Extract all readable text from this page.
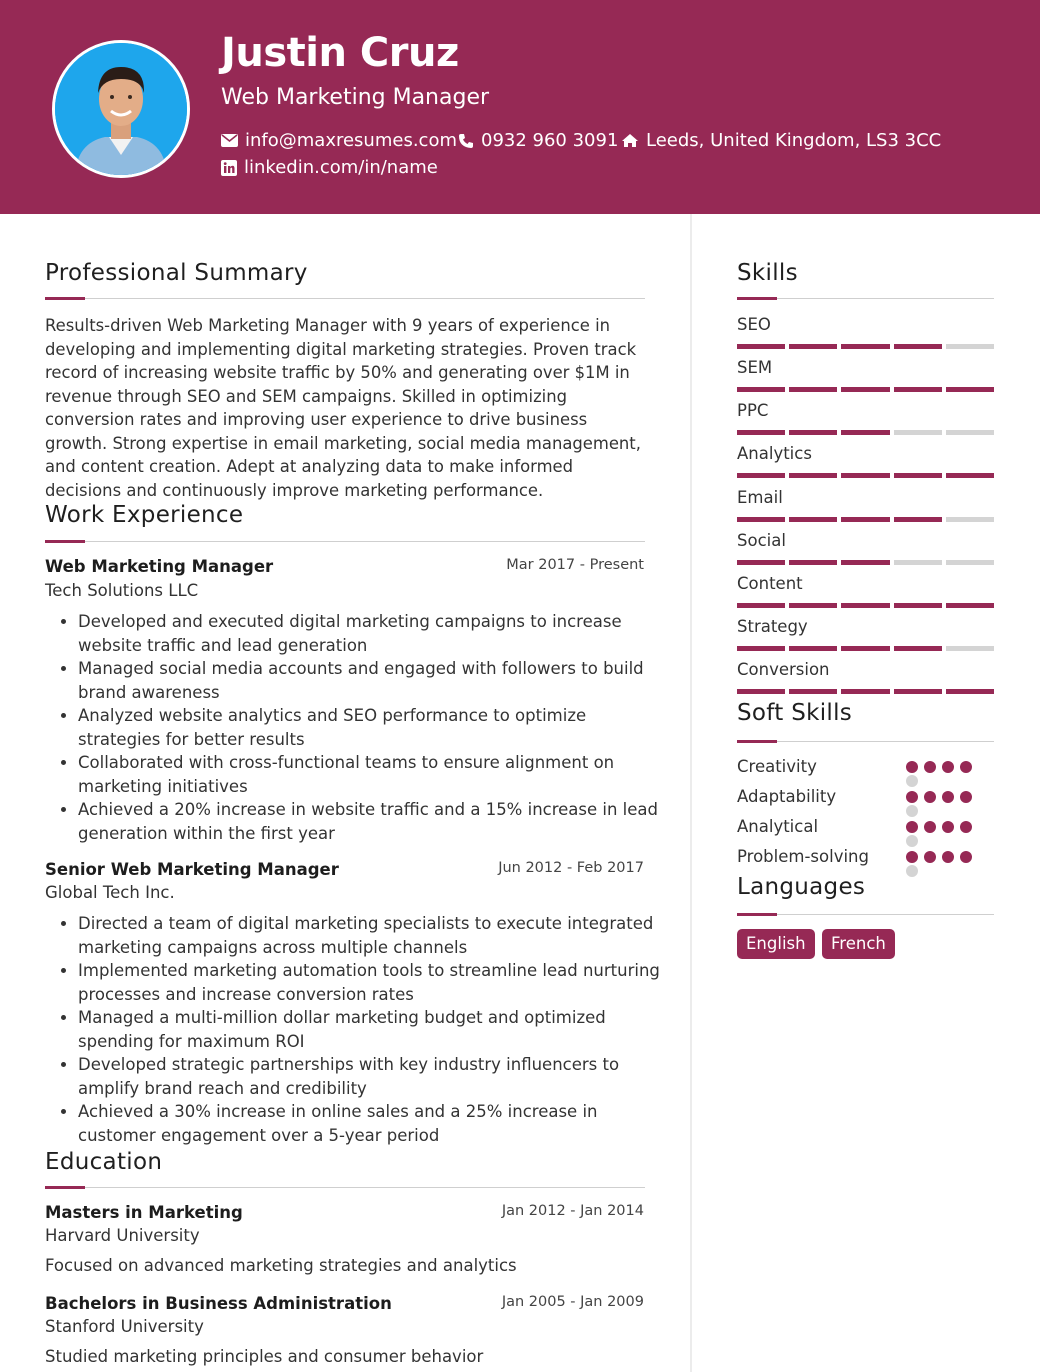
Justin Cruz
Web Marketing Manager
info@maxresumes.com 0932 960 3091 Leeds, United Kingdom, LS3 3CC
linkedin.com/in/name
Professional Summary
Results-driven Web Marketing Manager with 9 years of experience in developing and implementing digital marketing strategies. Proven track record of increasing website traffic by 50% and generating over $1M in revenue through SEO and SEM campaigns. Skilled in optimizing conversion rates and improving user experience to drive business growth. Strong expertise in email marketing, social media management, and content creation. Adept at analyzing data to make informed decisions and continuously improve marketing performance.
Work Experience
Web Marketing Manager	Mar 2017 - Present
Tech Solutions LLC
• Developed and executed digital marketing campaigns to increase website traffic and lead generation
• Managed social media accounts and engaged with followers to build brand awareness
• Analyzed website analytics and SEO performance to optimize strategies for better results
• Collaborated with cross-functional teams to ensure alignment on marketing initiatives
• Achieved a 20% increase in website traffic and a 15% increase in lead generation within the first year
Senior Web Marketing Manager	Jun 2012 - Feb 2017
Global Tech Inc.
• Directed a team of digital marketing specialists to execute integrated marketing campaigns across multiple channels
• Implemented marketing automation tools to streamline lead nurturing processes and increase conversion rates
• Managed a multi-million dollar marketing budget and optimized spending for maximum ROI
• Developed strategic partnerships with key industry influencers to amplify brand reach and credibility
• Achieved a 30% increase in online sales and a 25% increase in customer engagement over a 5-year period
Education
Masters in Marketing	Jan 2012 - Jan 2014
Harvard University
Focused on advanced marketing strategies and analytics
Bachelors in Business Administration	Jan 2005 - Jan 2009
Stanford University
Studied marketing principles and consumer behavior
Skills
SEO
SEM
PPC
Analytics
Email
Social
Content
Strategy
Conversion
Soft Skills
Creativity
Adaptability
Analytical
Problem-solving
Languages
English	French
